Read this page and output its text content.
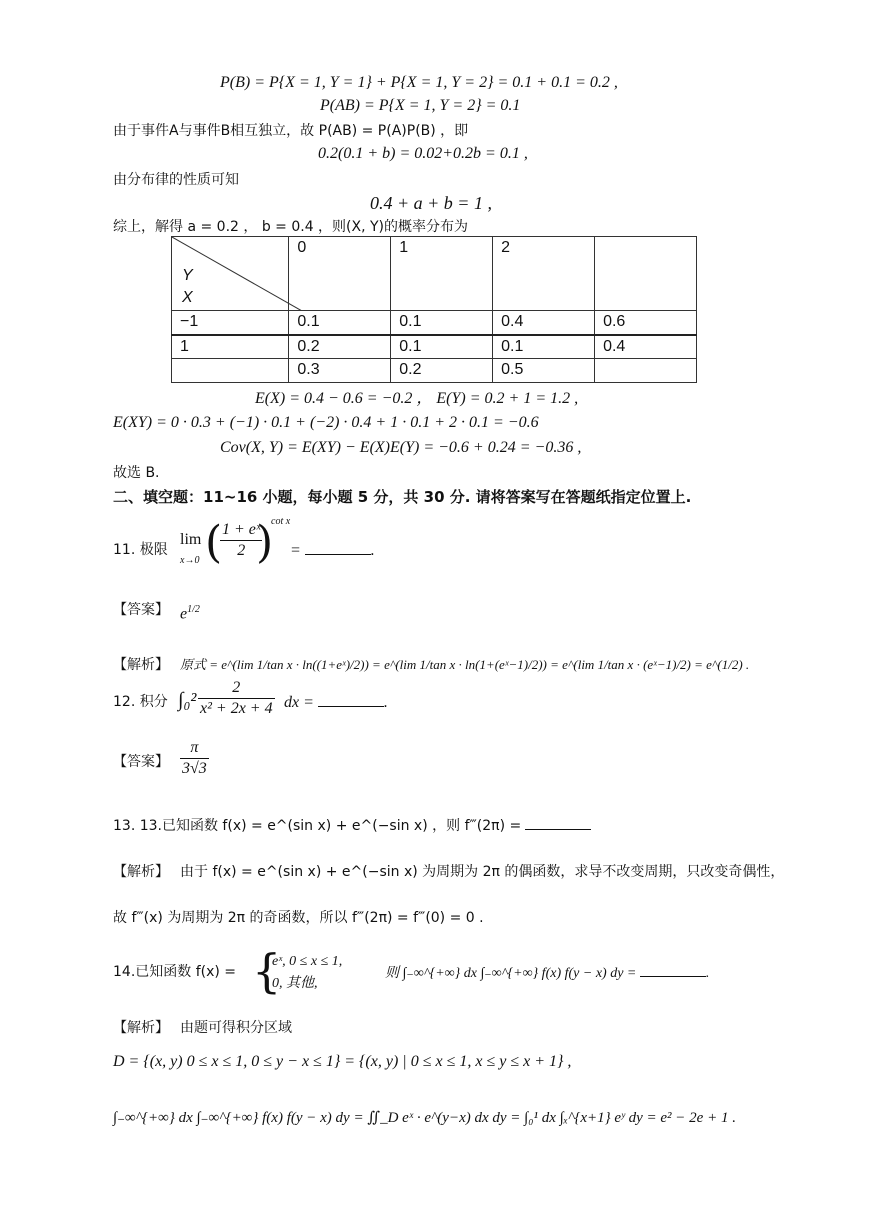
P(B) = P{X = 1, Y = 1} + P{X = 1, Y = 2} = 0.1 + 0.1 = 0.2 ,
P(AB) = P{X = 1, Y = 2} = 0.1
由于事件A与事件B相互独立，故 P(AB) = P(A)P(B) ，即
0.2(0.1 + b) = 0.02+0.2b = 0.1 ,
由分布律的性质可知
0.4 + a + b = 1 ,
综上，解得 a = 0.2 ， b = 0.4 ，则(X, Y)的概率分布为
Y
X	0	1	2	
−1	0.1	0.1	0.4	0.6
1	0.2	0.1	0.1	0.4
	0.3	0.2	0.5	
E(X) = 0.4 − 0.6 = −0.2 ， E(Y) = 0.2 + 1 = 1.2 ,
E(XY) = 0 · 0.3 + (−1) · 0.1 + (−2) · 0.4 + 1 · 0.1 + 2 · 0.1 = −0.6
Cov(X, Y) = E(XY) − E(X)E(Y) = −0.6 + 0.24 = −0.36 ,
故选 B.
二、填空题：11~16 小题，每小题 5 分，共 30 分. 请将答案写在答题纸指定位置上.
11. 极限
lim
x→0 (
$\frac{\text{1 + eˣ}}{2}$
)
cot x
=	.
【答案】 $e^{1/2}$
【解析】 原式 = e^(lim 1/tan x · ln((1+eˣ)/2)) = e^(lim 1/tan x · ln(1+(eˣ−1)/2)) = e^(lim 1/tan x · (eˣ−1)/2) = e^(1/2) .
12. 积分 $\int_0^2 \frac{2}{\text{x² + 2x + 4}}$ dx =	.
【答案】 $\frac{\pi}{3√3}$
13. 13.已知函数 f(x) = e^(sin x) + e^(−sin x) ，则 f‴(2π) =
【解析】 由于 f(x) = e^(sin x) + e^(−sin x) 为周期为 2π 的偶函数，求导不改变周期，只改变奇偶性，
故 f‴(x) 为周期为 2π 的奇函数，所以 f‴(2π) = f‴(0) = 0 .
14.已知函数 f(x) = {
eˣ, 0 ≤ x ≤ 1,
0, 其他,
则 ∫₋∞^{+∞} dx ∫₋∞^{+∞} f(x) f(y − x) dy =	.
【解析】 由题可得积分区域
D = {(x, y) 0 ≤ x ≤ 1, 0 ≤ y − x ≤ 1} = {(x, y) | 0 ≤ x ≤ 1, x ≤ y ≤ x + 1} ,
∫₋∞^{+∞} dx ∫₋∞^{+∞} f(x) f(y − x) dy = ∬_D eˣ · e^(y−x) dx dy = ∫₀¹ dx ∫ₓ^{x+1} eʸ dy = e² − 2e + 1 .
